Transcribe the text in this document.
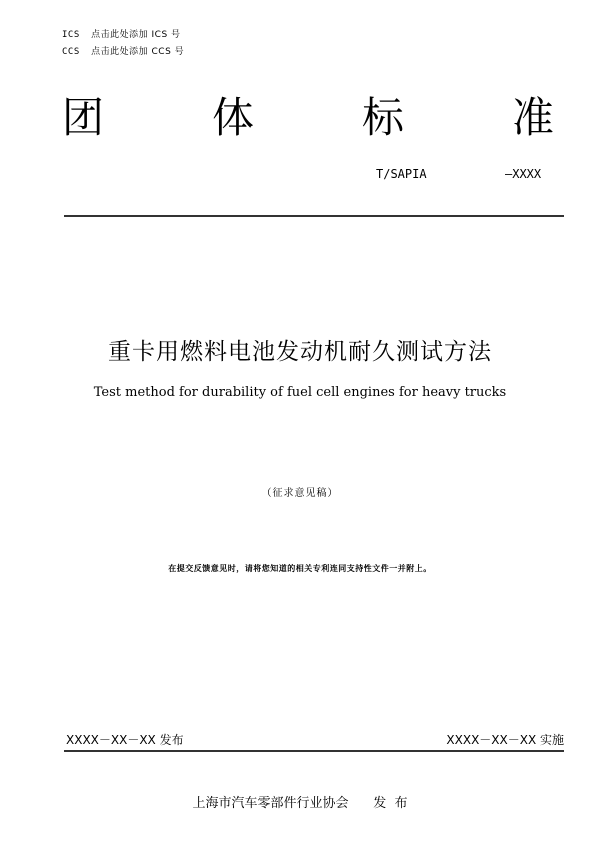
ICS 点击此处添加 ICS 号
CCS 点击此处添加 CCS 号
团	体	标	准
T/SAPIA	—XXXX
重卡用燃料电池发动机耐久测试方法
Test method for durability of fuel cell engines for heavy trucks
（征求意见稿）
在提交反馈意见时，请将您知道的相关专利连同支持性文件一并附上。
XXXX－XX－XX 发布	XXXX－XX－XX 实施
上海市汽车零部件行业协会 发  布
